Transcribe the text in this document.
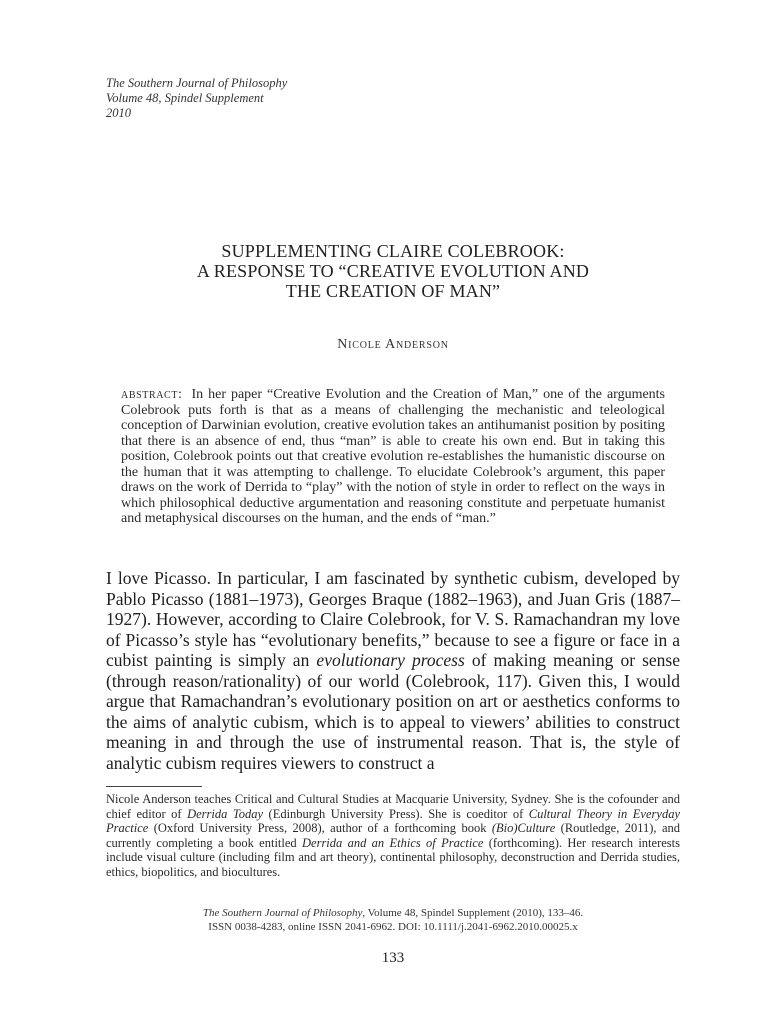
The Southern Journal of Philosophy
Volume 48, Spindel Supplement
2010
SUPPLEMENTING CLAIRE COLEBROOK:
A RESPONSE TO “CREATIVE EVOLUTION AND
THE CREATION OF MAN”
Nicole Anderson
abstract: In her paper “Creative Evolution and the Creation of Man,” one of the arguments Colebrook puts forth is that as a means of challenging the mechanistic and teleological conception of Darwinian evolution, creative evolution takes an antihumanist position by positing that there is an absence of end, thus “man” is able to create his own end. But in taking this position, Colebrook points out that creative evolution re-establishes the humanistic discourse on the human that it was attempting to challenge. To elucidate Colebrook’s argument, this paper draws on the work of Derrida to “play” with the notion of style in order to reflect on the ways in which philosophical deductive argumentation and reasoning constitute and perpetuate humanist and metaphysical discourses on the human, and the ends of “man.”
I love Picasso. In particular, I am fascinated by synthetic cubism, developed by Pablo Picasso (1881–1973), Georges Braque (1882–1963), and Juan Gris (1887–1927). However, according to Claire Colebrook, for V. S. Ramachandran my love of Picasso’s style has “evolutionary benefits,” because to see a figure or face in a cubist painting is simply an evolutionary process of making meaning or sense (through reason/rationality) of our world (Colebrook, 117). Given this, I would argue that Ramachandran’s evolutionary position on art or aesthetics conforms to the aims of analytic cubism, which is to appeal to viewers’ abilities to construct meaning in and through the use of instrumental reason. That is, the style of analytic cubism requires viewers to construct a
Nicole Anderson teaches Critical and Cultural Studies at Macquarie University, Sydney. She is the cofounder and chief editor of Derrida Today (Edinburgh University Press). She is coeditor of Cultural Theory in Everyday Practice (Oxford University Press, 2008), author of a forthcoming book (Bio)Culture (Routledge, 2011), and currently completing a book entitled Derrida and an Ethics of Practice (forthcoming). Her research interests include visual culture (including film and art theory), continental philosophy, deconstruction and Derrida studies, ethics, biopolitics, and biocultures.
The Southern Journal of Philosophy, Volume 48, Spindel Supplement (2010), 133–46.
ISSN 0038-4283, online ISSN 2041-6962. DOI: 10.1111/j.2041-6962.2010.00025.x
133
